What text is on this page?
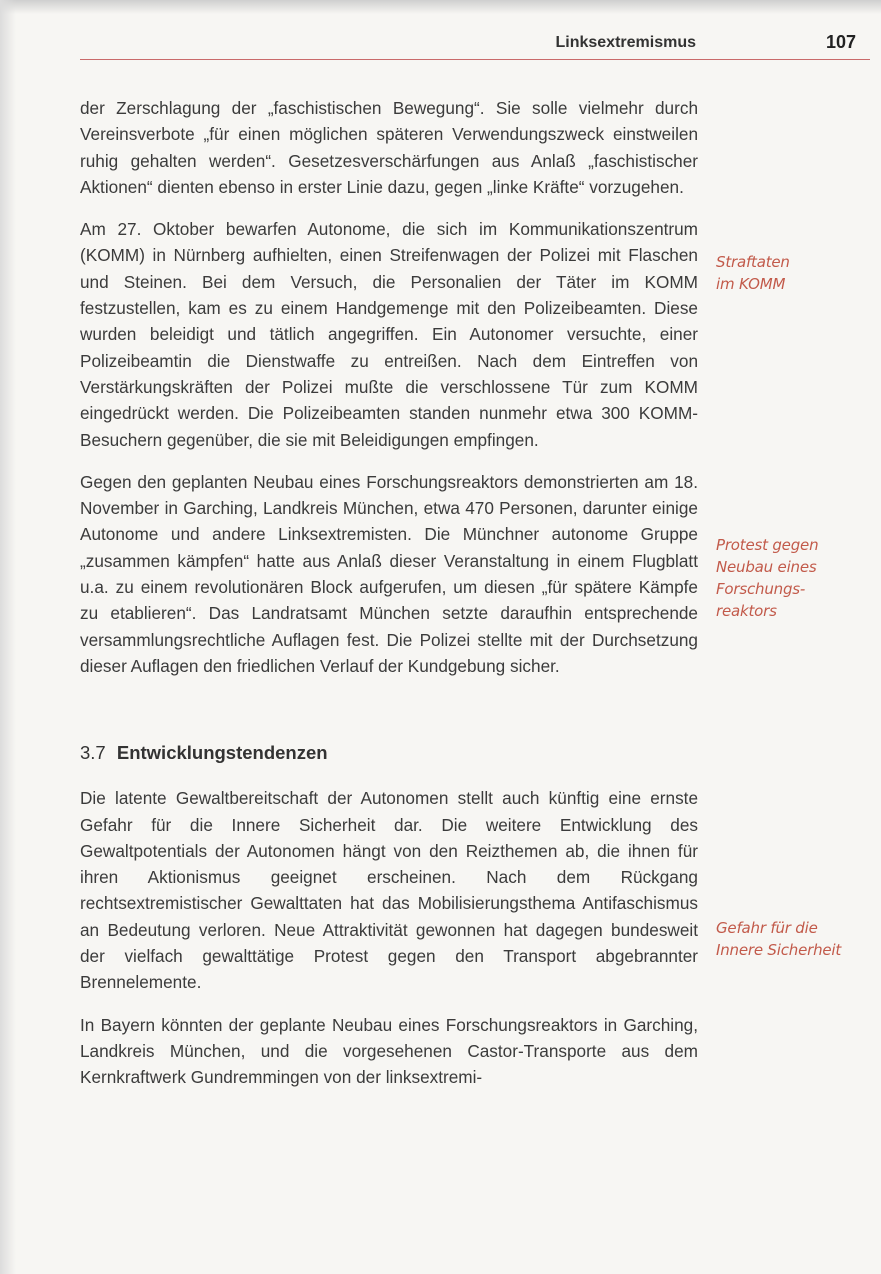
Linksextremismus	107

der Zerschlagung der „faschistischen Bewegung“. Sie solle vielmehr durch Vereinsverbote „für einen möglichen späteren Verwendungszweck einstweilen ruhig gehalten werden“. Gesetzesverschärfungen aus Anlaß „faschistischer Aktionen“ dienten ebenso in erster Linie dazu, gegen „linke Kräfte“ vorzugehen.

Am 27. Oktober bewarfen Autonome, die sich im Kommunikationszentrum (KOMM) in Nürnberg aufhielten, einen Streifenwagen der Polizei mit Flaschen und Steinen. Bei dem Versuch, die Personalien der Täter im KOMM festzustellen, kam es zu einem Handgemenge mit den Polizeibeamten. Diese wurden beleidigt und tätlich angegriffen. Ein Autonomer versuchte, einer Polizeibeamtin die Dienstwaffe zu entreißen. Nach dem Eintreffen von Verstärkungskräften der Polizei mußte die verschlossene Tür zum KOMM eingedrückt werden. Die Polizeibeamten standen nunmehr etwa 300 KOMM-Besuchern gegenüber, die sie mit Beleidigungen empfingen.

Gegen den geplanten Neubau eines Forschungsreaktors demonstrierten am 18. November in Garching, Landkreis München, etwa 470 Personen, darunter einige Autonome und andere Linksextremisten. Die Münchner autonome Gruppe „zusammen kämpfen“ hatte aus Anlaß dieser Veranstaltung in einem Flugblatt u.a. zu einem revolutionären Block aufgerufen, um diesen „für spätere Kämpfe zu etablieren“. Das Landratsamt München setzte daraufhin entsprechende versammlungsrechtliche Auflagen fest. Die Polizei stellte mit der Durchsetzung dieser Auflagen den friedlichen Verlauf der Kundgebung sicher.

3.7 Entwicklungstendenzen

Die latente Gewaltbereitschaft der Autonomen stellt auch künftig eine ernste Gefahr für die Innere Sicherheit dar. Die weitere Entwicklung des Gewaltpotentials der Autonomen hängt von den Reizthemen ab, die ihnen für ihren Aktionismus geeignet erscheinen. Nach dem Rückgang rechtsextremistischer Gewalttaten hat das Mobilisierungsthema Antifaschismus an Bedeutung verloren. Neue Attraktivität gewonnen hat dagegen bundesweit der vielfach gewalttätige Protest gegen den Transport abgebrannter Brennelemente.

In Bayern könnten der geplante Neubau eines Forschungsreaktors in Garching, Landkreis München, und die vorgesehenen Castor-Transporte aus dem Kernkraftwerk Gundremmingen von der linksextremi-

Straftaten
im KOMM
Protest gegen
Neubau eines
Forschungs-
reaktors
Gefahr für die
Innere Sicherheit
